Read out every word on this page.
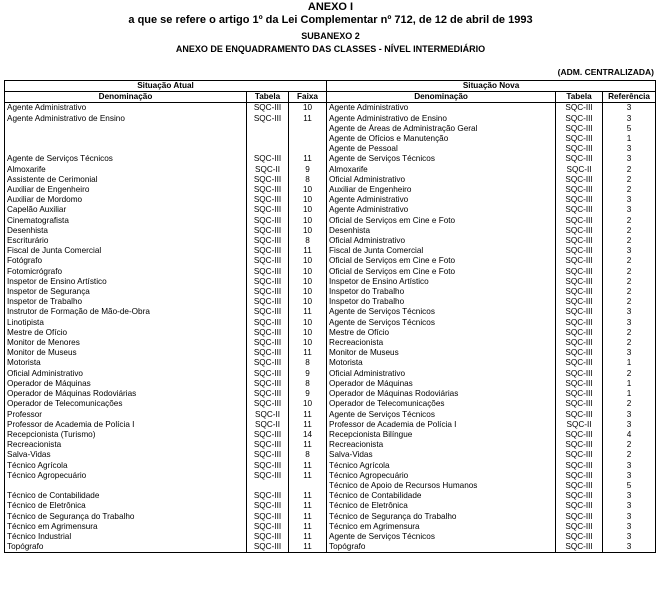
ANEXO I
a que se refere o artigo 1º da Lei Complementar nº 712, de 12 de abril de 1993
SUBANEXO 2
ANEXO DE ENQUADRAMENTO DAS CLASSES - NÍVEL INTERMEDIÁRIO
(ADM. CENTRALIZADA)
Situação Atual			Situação Nova		
Denominação	Tabela	Faixa	Denominação	Tabela	Referência
Agente Administrativo	SQC-III	10	Agente Administrativo	SQC-III	3
Agente Administrativo de Ensino	SQC-III	11	Agente Administrativo de Ensino	SQC-III	3
			Agente de Áreas de Administração Geral	SQC-III	5
			Agente de Ofícios e Manutenção	SQC-III	1
			Agente de Pessoal	SQC-III	3
Agente de Serviços Técnicos	SQC-III	11	Agente de Serviços Técnicos	SQC-III	3
Almoxarife	SQC-II	9	Almoxarife	SQC-II	2
Assistente de Cerimonial	SQC-III	8	Oficial Administrativo	SQC-III	2
Auxiliar de Engenheiro	SQC-III	10	Auxiliar de Engenheiro	SQC-III	2
Auxiliar de Mordomo	SQC-III	10	Agente Administrativo	SQC-III	3
Capelão Auxiliar	SQC-III	10	Agente Administrativo	SQC-III	3
Cinematografista	SQC-III	10	Oficial de Serviços em Cine e Foto	SQC-III	2
Desenhista	SQC-III	10	Desenhista	SQC-III	2
Escriturário	SQC-III	8	Oficial Administrativo	SQC-III	2
Fiscal de Junta Comercial	SQC-III	11	Fiscal de Junta Comercial	SQC-III	3
Fotógrafo	SQC-III	10	Oficial de Serviços em Cine e Foto	SQC-III	2
Fotomicrógrafo	SQC-III	10	Oficial de Serviços em Cine e Foto	SQC-III	2
Inspetor de Ensino Artístico	SQC-III	10	Inspetor de Ensino Artístico	SQC-III	2
Inspetor de Segurança	SQC-III	10	Inspetor do Trabalho	SQC-III	2
Inspetor de Trabalho	SQC-III	10	Inspetor do Trabalho	SQC-III	2
Instrutor de Formação de Mão-de-Obra	SQC-III	11	Agente de Serviços Técnicos	SQC-III	3
Linotipista	SQC-III	10	Agente de Serviços Técnicos	SQC-III	3
Mestre de Ofício	SQC-III	10	Mestre de Ofício	SQC-III	2
Monitor de Menores	SQC-III	10	Recreacionista	SQC-III	2
Monitor de Museus	SQC-III	11	Monitor de Museus	SQC-III	3
Motorista	SQC-III	8	Motorista	SQC-III	1
Oficial Administrativo	SQC-III	9	Oficial Administrativo	SQC-III	2
Operador de Máquinas	SQC-III	8	Operador de Máquinas	SQC-III	1
Operador de Máquinas Rodoviárias	SQC-III	9	Operador de Máquinas Rodoviárias	SQC-III	1
Operador de Telecomunicações	SQC-III	10	Operador de Telecomunicações	SQC-III	2
Professor	SQC-II	11	Agente de Serviços Técnicos	SQC-III	3
Professor de Academia de Polícia I	SQC-II	11	Professor de Academia de Polícia I	SQC-II	3
Recepcionista (Turismo)	SQC-III	14	Recepcionista Bilíngue	SQC-III	4
Recreacionista	SQC-III	11	Recreacionista	SQC-III	2
Salva-Vidas	SQC-III	8	Salva-Vidas	SQC-III	2
Técnico Agrícola	SQC-III	11	Técnico Agrícola	SQC-III	3
Técnico Agropecuário	SQC-III	11	Técnico Agropecuário	SQC-III	3
			Técnico de Apoio de Recursos Humanos	SQC-III	5
Técnico de Contabilidade	SQC-III	11	Técnico de Contabilidade	SQC-III	3
Técnico de Eletrônica	SQC-III	11	Técnico de Eletrônica	SQC-III	3
Técnico de Segurança do Trabalho	SQC-III	11	Técnico de Segurança do Trabalho	SQC-III	3
Técnico em Agrimensura	SQC-III	11	Técnico em Agrimensura	SQC-III	3
Técnico Industrial	SQC-III	11	Agente de Serviços Técnicos	SQC-III	3
Topógrafo	SQC-III	11	Topógrafo	SQC-III	3
